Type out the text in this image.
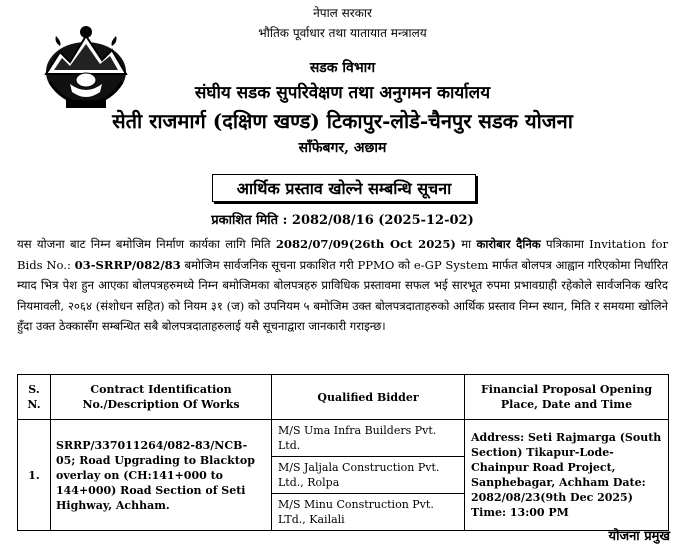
नेपाल सरकार
भौतिक पूर्वाधार तथा यातायात मन्त्रालय
सडक विभाग
संघीय सडक सुपरिवेक्षण तथा अनुगमन कार्यालय
सेती राजमार्ग (दक्षिण खण्ड) टिकापुर-लोडे-चैनपुर सडक योजना
साँफेबगर, अछाम
आर्थिक प्रस्ताव खोल्ने सम्बन्धि सूचना
प्रकाशित मिति : 2082/08/16 (2025-12-02)
यस योजना बाट निम्न बमोजिम निर्माण कार्यका लागि मिति 2082/07/09(26th Oct 2025) मा कारोबार दैनिक पत्रिकामा Invitation for Bids No.: 03-SRRP/082/83 बमोजिम सार्वजनिक सूचना प्रकाशित गरी PPMO को e-GP System मार्फत बोलपत्र आह्वान गरिएकोमा निर्धारित म्याद भित्र पेश हुन आएका बोलपत्रहरुमध्ये निम्न बमोजिमका बोलपत्रहरु प्राविधिक प्रस्तावमा सफल भई सारभूत रुपमा प्रभावग्राही रहेकोले सार्वजनिक खरिद नियमावली, २०६४ (संशोधन सहित) को नियम ३१ (ज) को उपनियम ५ बमोजिम उक्त बोलपत्रदाताहरुको आर्थिक प्रस्ताव निम्न स्थान, मिति र समयमा खोलिने हुँदा उक्त ठेक्कासँग सम्बन्धित सबै बोलपत्रदाताहरुलाई यसै सूचनाद्वारा जानकारी गराइन्छ।
S. N.	Contract Identification No./Description Of Works	Qualified Bidder	Financial Proposal Opening Place, Date and Time
1.	SRRP/337011264/082-83/NCB-05; Road Upgrading to Blacktop overlay on (CH:141+000 to 144+000) Road Section of Seti Highway, Achham.	M/S Uma Infra Builders Pvt. Ltd.
M/S Jaljala Construction Pvt. Ltd., Rolpa
M/S Minu Construction Pvt. LTd., Kailali	Address: Seti Rajmarga (South Section) Tikapur-Lode-Chainpur Road Project, Sanphebagar, Achham Date: 2082/08/23(9th Dec 2025) Time: 13:00 PM
योजना प्रमुख
